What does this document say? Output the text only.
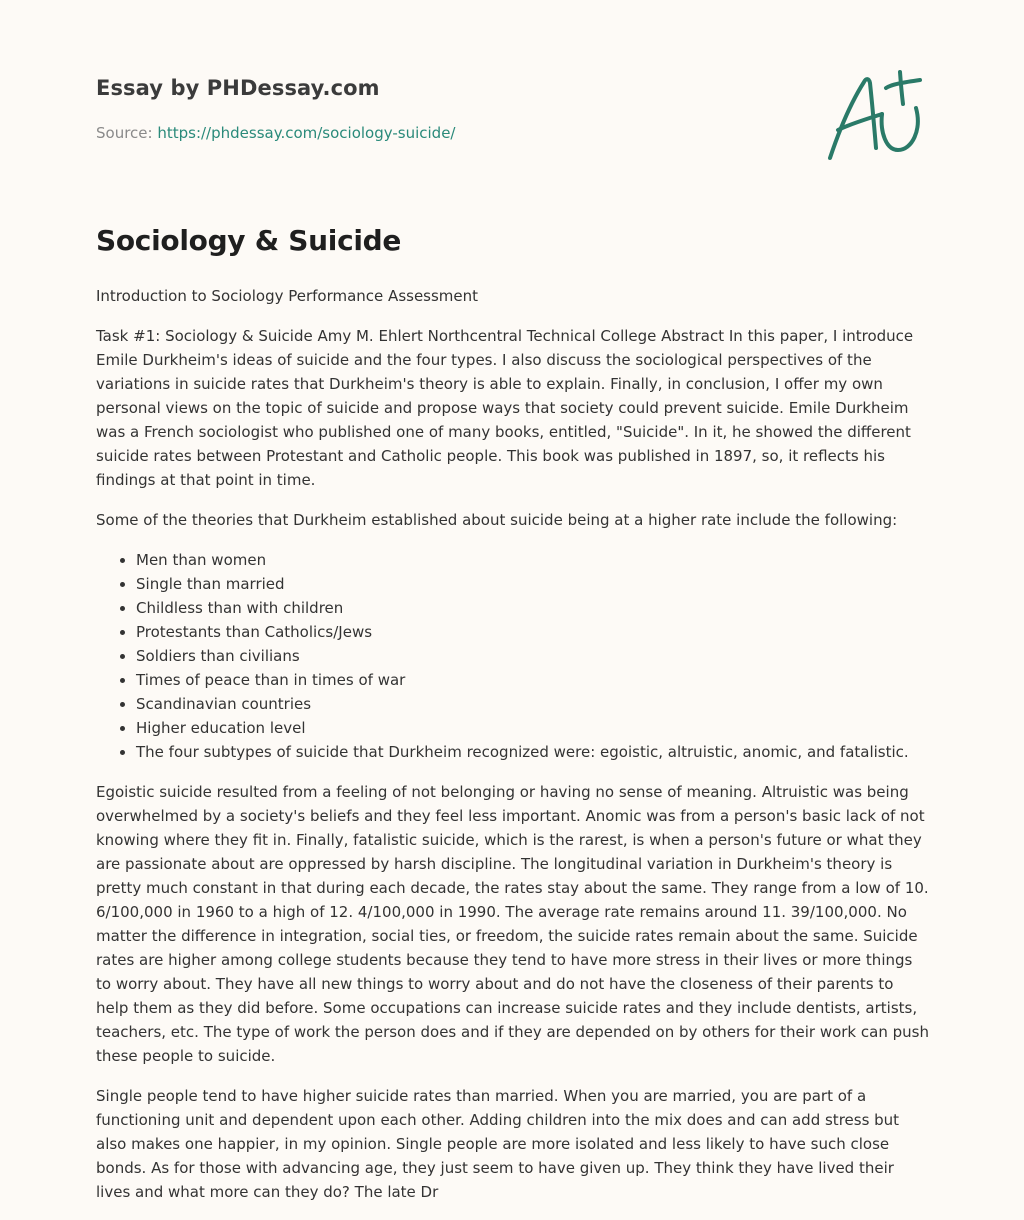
Essay by PHDessay.com
Source: https://phdessay.com/sociology-suicide/
Sociology & Suicide

Introduction to Sociology Performance Assessment

Task #1: Sociology & Suicide Amy M. Ehlert Northcentral Technical College Abstract In this paper, I introduce Emile Durkheim's ideas of suicide and the four types. I also discuss the sociological perspectives of the variations in suicide rates that Durkheim's theory is able to explain. Finally, in conclusion, I offer my own personal views on the topic of suicide and propose ways that society could prevent suicide. Emile Durkheim was a French sociologist who published one of many books, entitled, "Suicide". In it, he showed the different suicide rates between Protestant and Catholic people. This book was published in 1897, so, it reflects his findings at that point in time.

Some of the theories that Durkheim established about suicide being at a higher rate include the following:

• Men than women
• Single than married
• Childless than with children
• Protestants than Catholics/Jews
• Soldiers than civilians
• Times of peace than in times of war
• Scandinavian countries
• Higher education level
• The four subtypes of suicide that Durkheim recognized were: egoistic, altruistic, anomic, and fatalistic.

Egoistic suicide resulted from a feeling of not belonging or having no sense of meaning. Altruistic was being overwhelmed by a society's beliefs and they feel less important. Anomic was from a person's basic lack of not knowing where they fit in. Finally, fatalistic suicide, which is the rarest, is when a person's future or what they are passionate about are oppressed by harsh discipline. The longitudinal variation in Durkheim's theory is pretty much constant in that during each decade, the rates stay about the same. They range from a low of 10. 6/100,000 in 1960 to a high of 12. 4/100,000 in 1990. The average rate remains around 11. 39/100,000. No matter the difference in integration, social ties, or freedom, the suicide rates remain about the same. Suicide rates are higher among college students because they tend to have more stress in their lives or more things to worry about. They have all new things to worry about and do not have the closeness of their parents to help them as they did before. Some occupations can increase suicide rates and they include dentists, artists, teachers, etc. The type of work the person does and if they are depended on by others for their work can push these people to suicide.

Single people tend to have higher suicide rates than married. When you are married, you are part of a functioning unit and dependent upon each other. Adding children into the mix does and can add stress but also makes one happier, in my opinion. Single people are more isolated and less likely to have such close bonds. As for those with advancing age, they just seem to have given up. They think they have lived their lives and what more can they do? The late Dr
